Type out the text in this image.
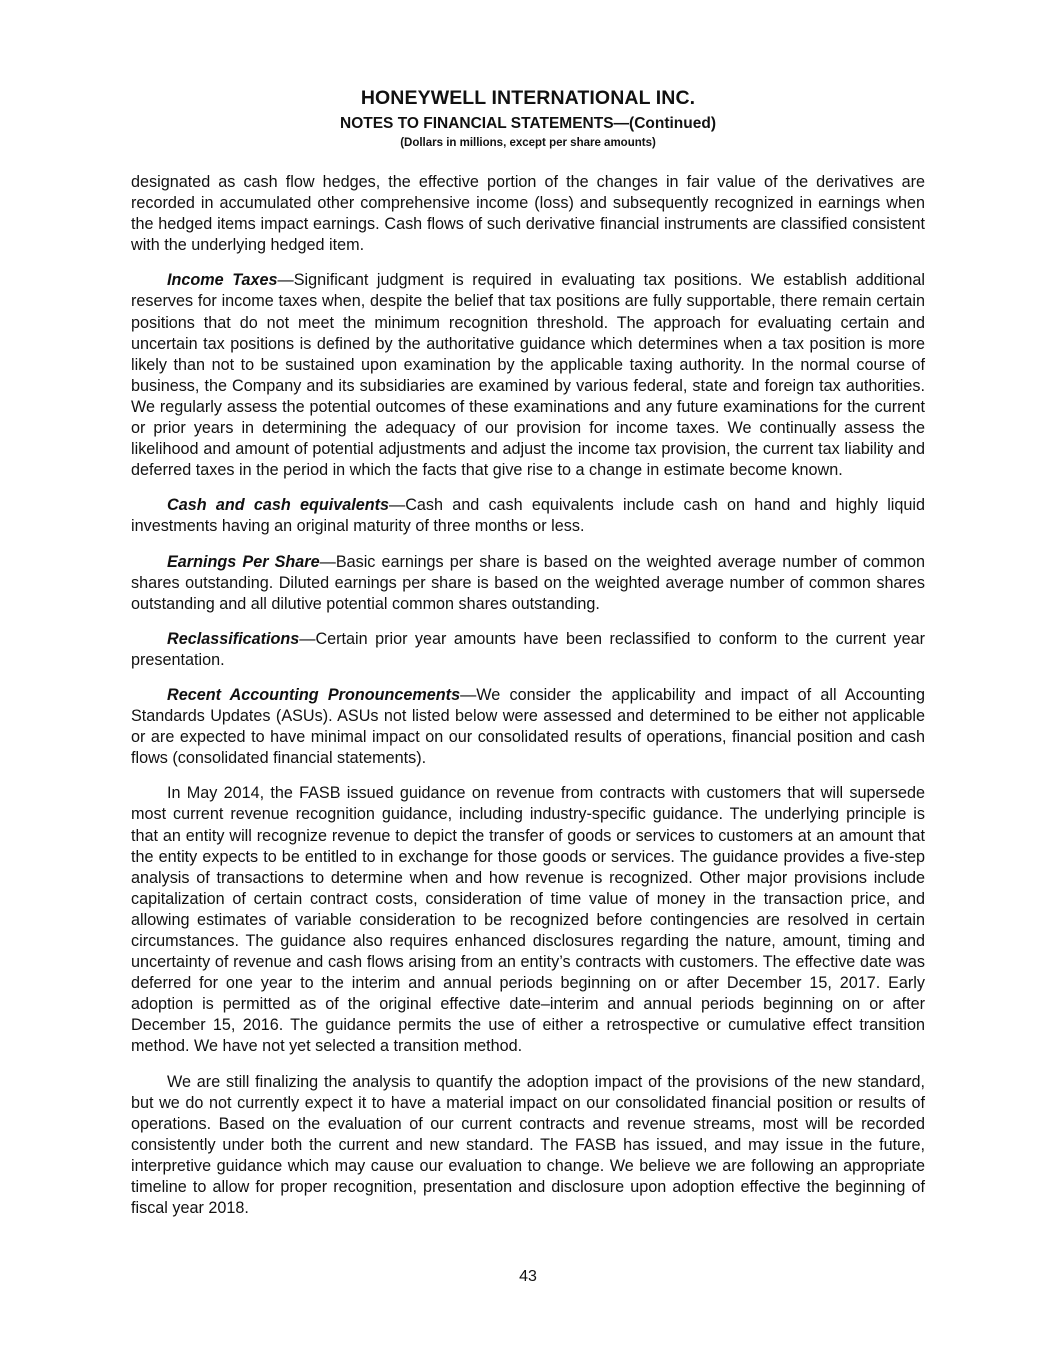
HONEYWELL INTERNATIONAL INC.
NOTES TO FINANCIAL STATEMENTS—(Continued)
(Dollars in millions, except per share amounts)

designated as cash flow hedges, the effective portion of the changes in fair value of the derivatives are recorded in accumulated other comprehensive income (loss) and subsequently recognized in earnings when the hedged items impact earnings. Cash flows of such derivative financial instruments are classified consistent with the underlying hedged item.

Income Taxes—Significant judgment is required in evaluating tax positions. We establish additional reserves for income taxes when, despite the belief that tax positions are fully supportable, there remain certain positions that do not meet the minimum recognition threshold. The approach for evaluating certain and uncertain tax positions is defined by the authoritative guidance which determines when a tax position is more likely than not to be sustained upon examination by the applicable taxing authority. In the normal course of business, the Company and its subsidiaries are examined by various federal, state and foreign tax authorities. We regularly assess the potential outcomes of these examinations and any future examinations for the current or prior years in determining the adequacy of our provision for income taxes. We continually assess the likelihood and amount of potential adjustments and adjust the income tax provision, the current tax liability and deferred taxes in the period in which the facts that give rise to a change in estimate become known.

Cash and cash equivalents—Cash and cash equivalents include cash on hand and highly liquid investments having an original maturity of three months or less.

Earnings Per Share—Basic earnings per share is based on the weighted average number of common shares outstanding. Diluted earnings per share is based on the weighted average number of common shares outstanding and all dilutive potential common shares outstanding.

Reclassifications—Certain prior year amounts have been reclassified to conform to the current year presentation.

Recent Accounting Pronouncements—We consider the applicability and impact of all Accounting Standards Updates (ASUs). ASUs not listed below were assessed and determined to be either not applicable or are expected to have minimal impact on our consolidated results of operations, financial position and cash flows (consolidated financial statements).

In May 2014, the FASB issued guidance on revenue from contracts with customers that will supersede most current revenue recognition guidance, including industry-specific guidance. The underlying principle is that an entity will recognize revenue to depict the transfer of goods or services to customers at an amount that the entity expects to be entitled to in exchange for those goods or services. The guidance provides a five-step analysis of transactions to determine when and how revenue is recognized. Other major provisions include capitalization of certain contract costs, consideration of time value of money in the transaction price, and allowing estimates of variable consideration to be recognized before contingencies are resolved in certain circumstances. The guidance also requires enhanced disclosures regarding the nature, amount, timing and uncertainty of revenue and cash flows arising from an entity’s contracts with customers. The effective date was deferred for one year to the interim and annual periods beginning on or after December 15, 2017. Early adoption is permitted as of the original effective date–interim and annual periods beginning on or after December 15, 2016. The guidance permits the use of either a retrospective or cumulative effect transition method. We have not yet selected a transition method.

We are still finalizing the analysis to quantify the adoption impact of the provisions of the new standard, but we do not currently expect it to have a material impact on our consolidated financial position or results of operations. Based on the evaluation of our current contracts and revenue streams, most will be recorded consistently under both the current and new standard. The FASB has issued, and may issue in the future, interpretive guidance which may cause our evaluation to change. We believe we are following an appropriate timeline to allow for proper recognition, presentation and disclosure upon adoption effective the beginning of fiscal year 2018.

43
